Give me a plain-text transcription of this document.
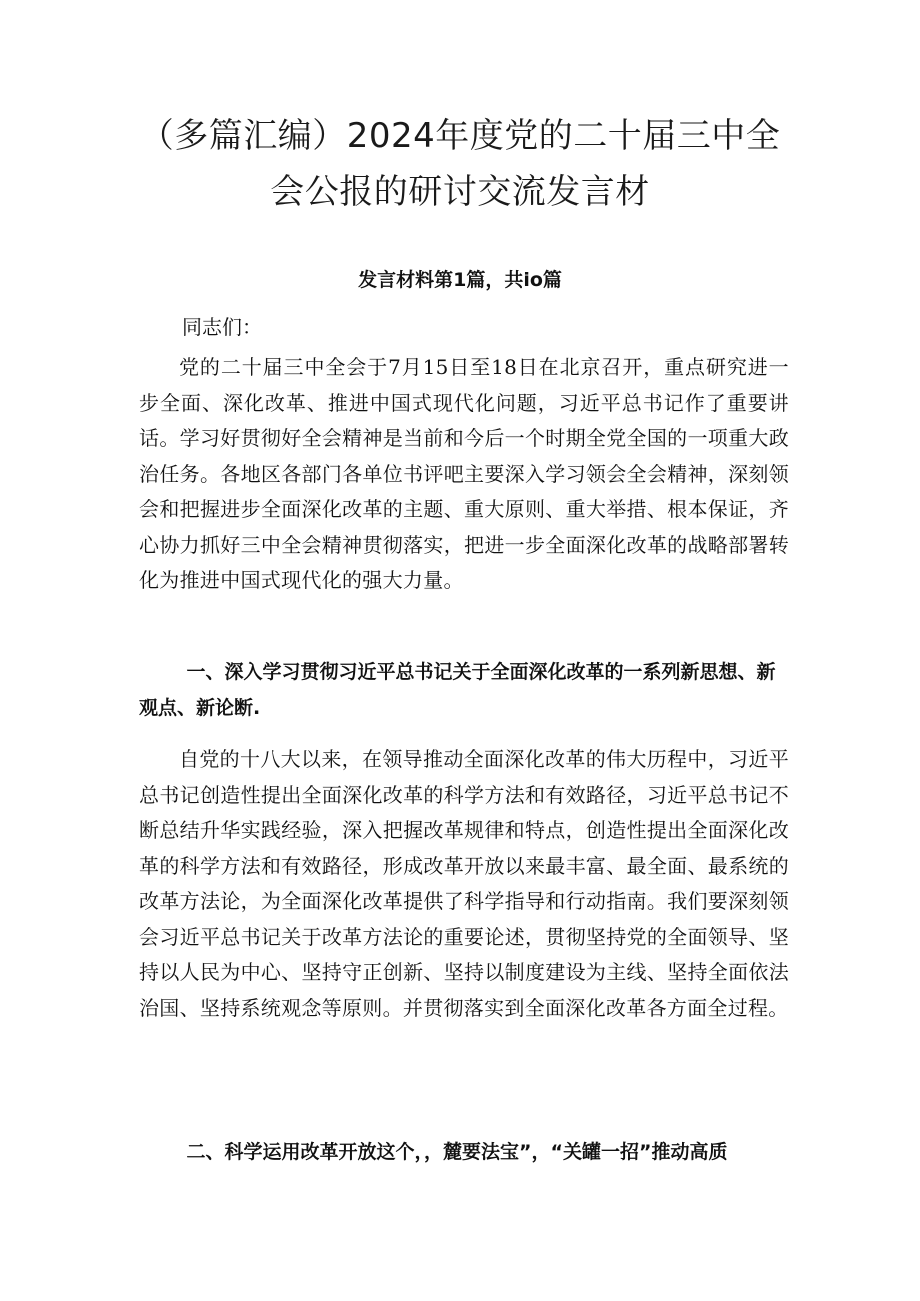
（多篇汇编）2024年度党的二十届三中全
会公报的研讨交流发言材
发言材料第1篇，共io篇
同志们：

党的二十届三中全会于7月15日至18日在北京召开，重点研究进一步全面、深化改革、推进中国式现代化问题，习近平总书记作了重要讲话。学习好贯彻好全会精神是当前和今后一个时期全党全国的一项重大政治任务。各地区各部门各单位书评吧主要深入学习领会全会精神，深刻领会和把握进步全面深化改革的主题、重大原则、重大举措、根本保证，齐心协力抓好三中全会精神贯彻落实，把进一步全面深化改革的战略部署转化为推进中国式现代化的强大力量。

一、深入学习贯彻习近平总书记关于全面深化改革的一系列新思想、新观点、新论断.

自党的十八大以来，在领导推动全面深化改革的伟大历程中，习近平总书记创造性提出全面深化改革的科学方法和有效路径，习近平总书记不断总结升华实践经验，深入把握改革规律和特点，创造性提出全面深化改革的科学方法和有效路径，形成改革开放以来最丰富、最全面、最系统的改革方法论，为全面深化改革提供了科学指导和行动指南。我们要深刻领会习近平总书记关于改革方法论的重要论述，贯彻坚持党的全面领导、坚持以人民为中心、坚持守正创新、坚持以制度建设为主线、坚持全面依法治国、坚持系统观念等原则。并贯彻落实到全面深化改革各方面全过程。

二、科学运用改革开放这个，，麓要法宝”，“关罐一招”推动高质
